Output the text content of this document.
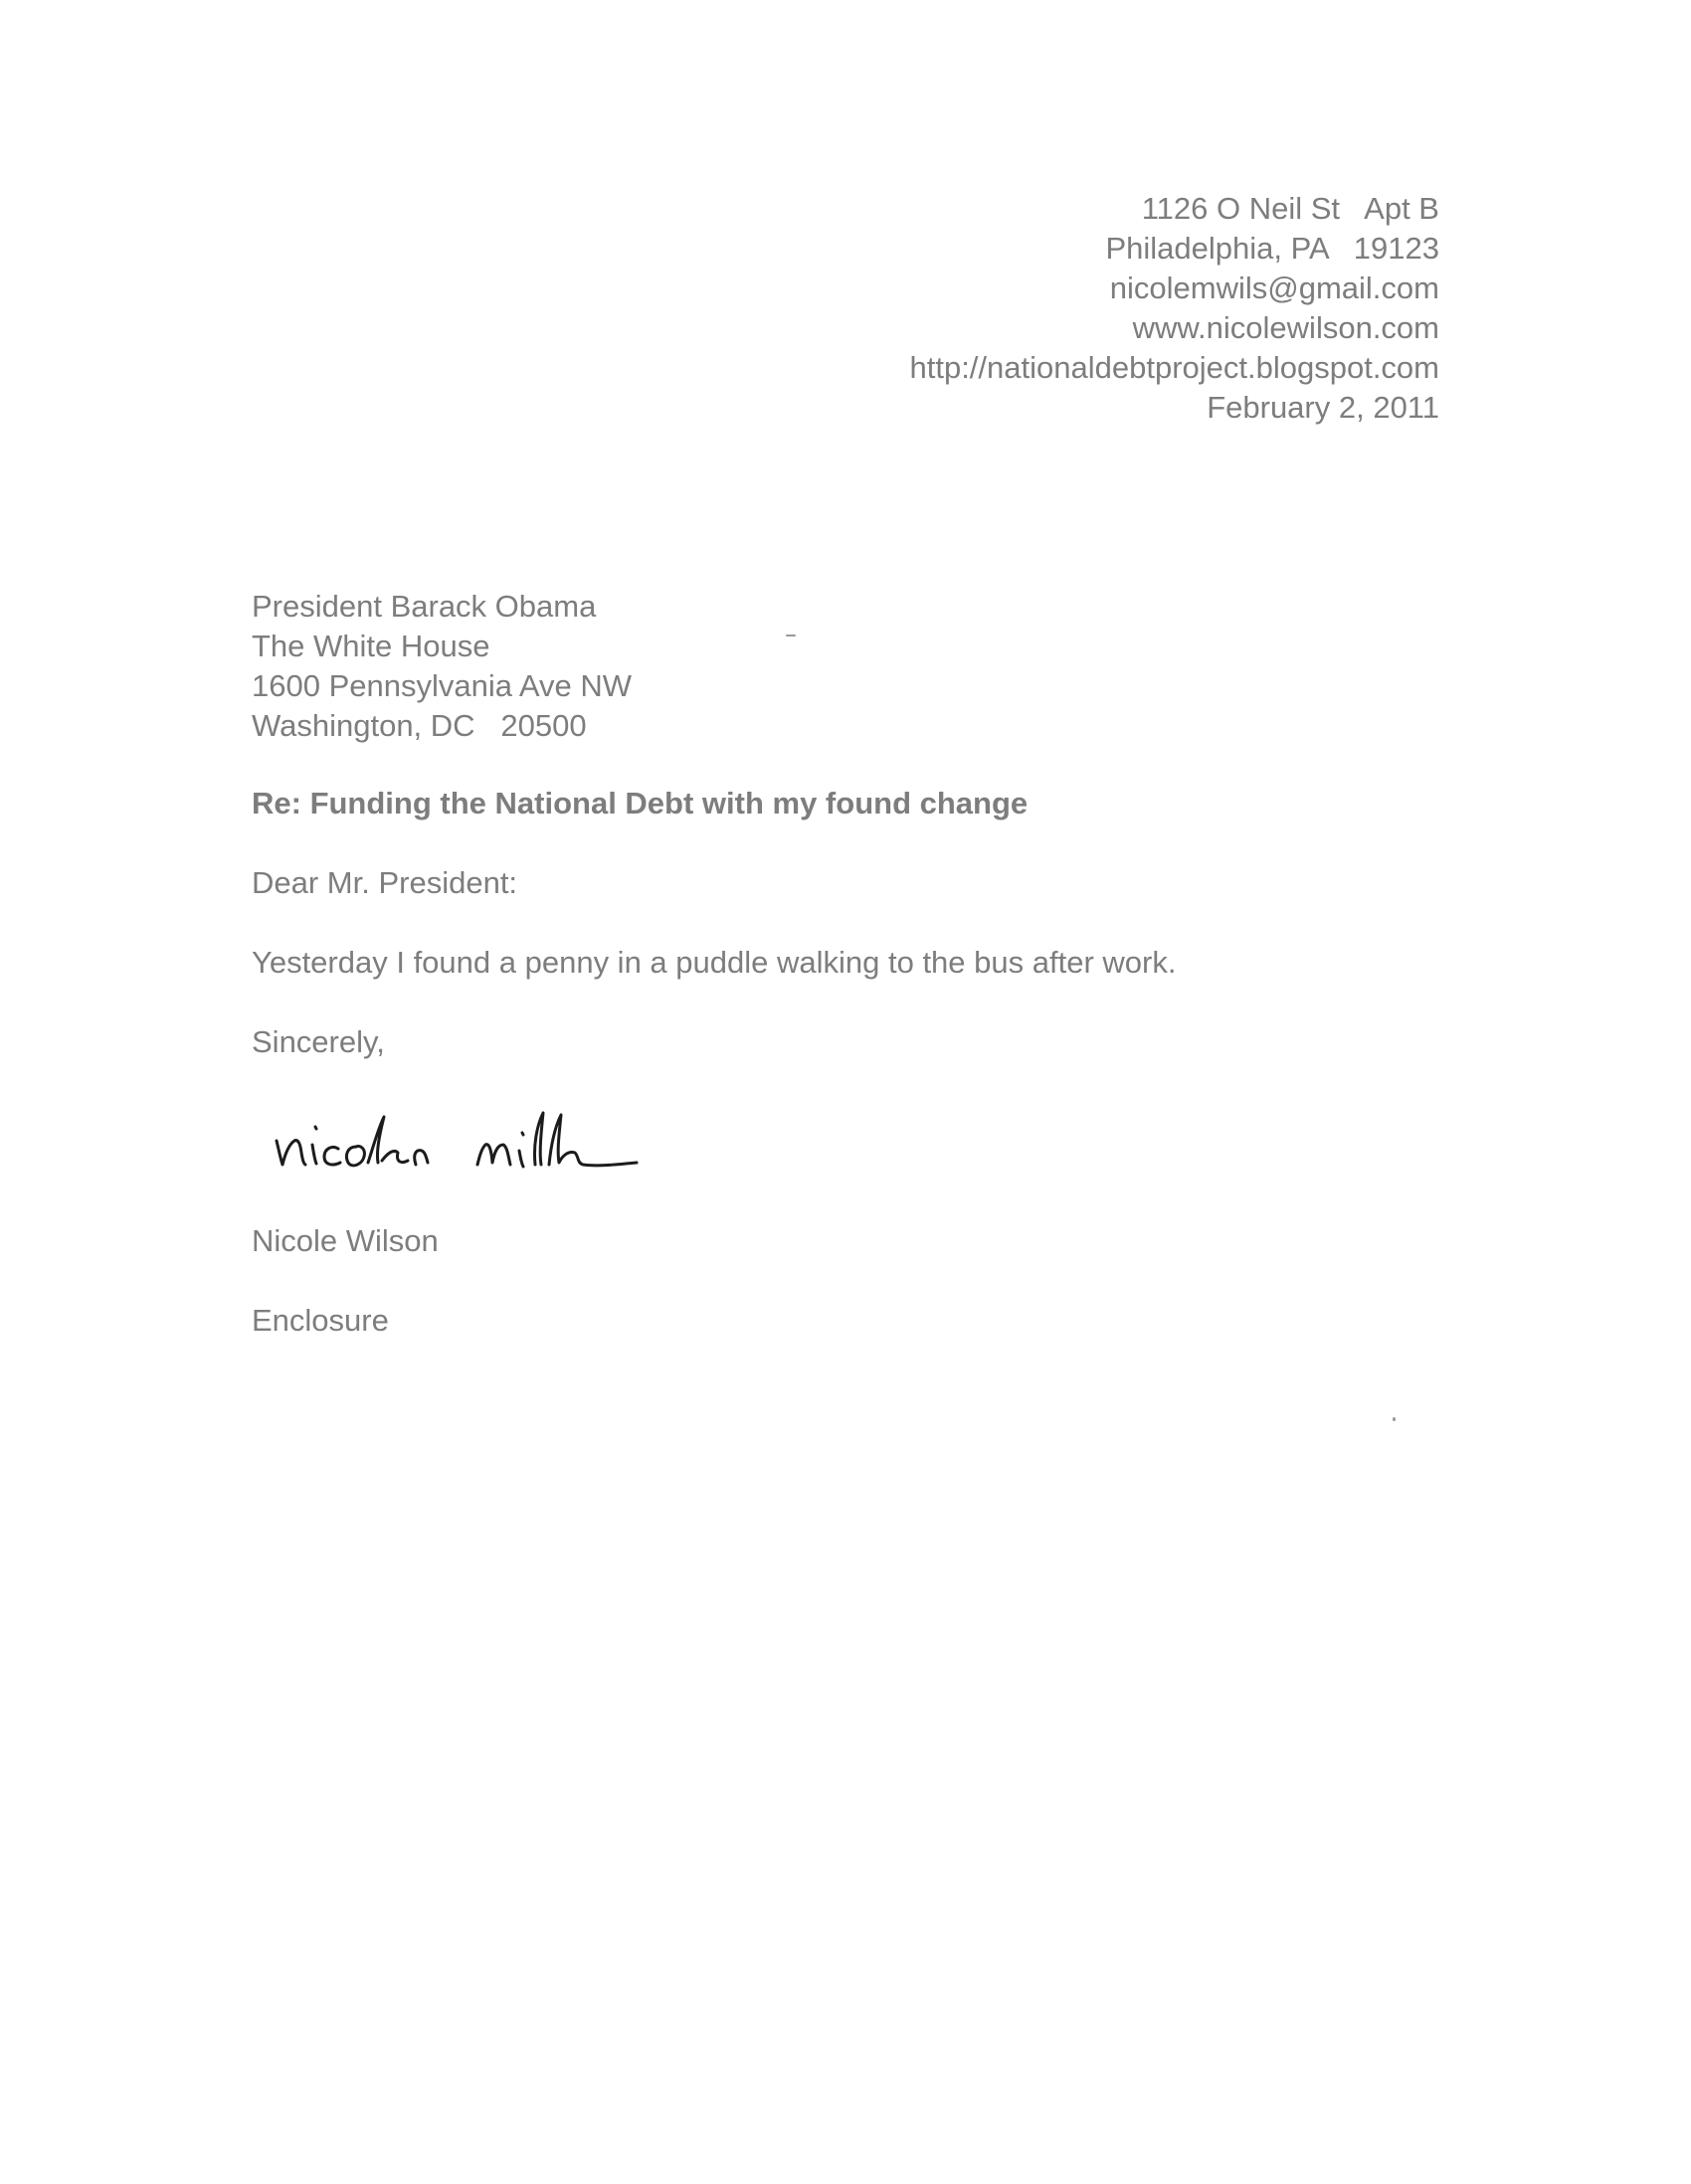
1126 O Neil St   Apt B
Philadelphia, PA   19123
nicolemwils@gmail.com
www.nicolewilson.com
http://nationaldebtproject.blogspot.com
February 2, 2011
President Barack Obama
The White House
1600 Pennsylvania Ave NW
Washington, DC   20500
Re: Funding the National Debt with my found change
Dear Mr. President:
Yesterday I found a penny in a puddle walking to the bus after work.
Sincerely,
Nicole Wilson
Enclosure
